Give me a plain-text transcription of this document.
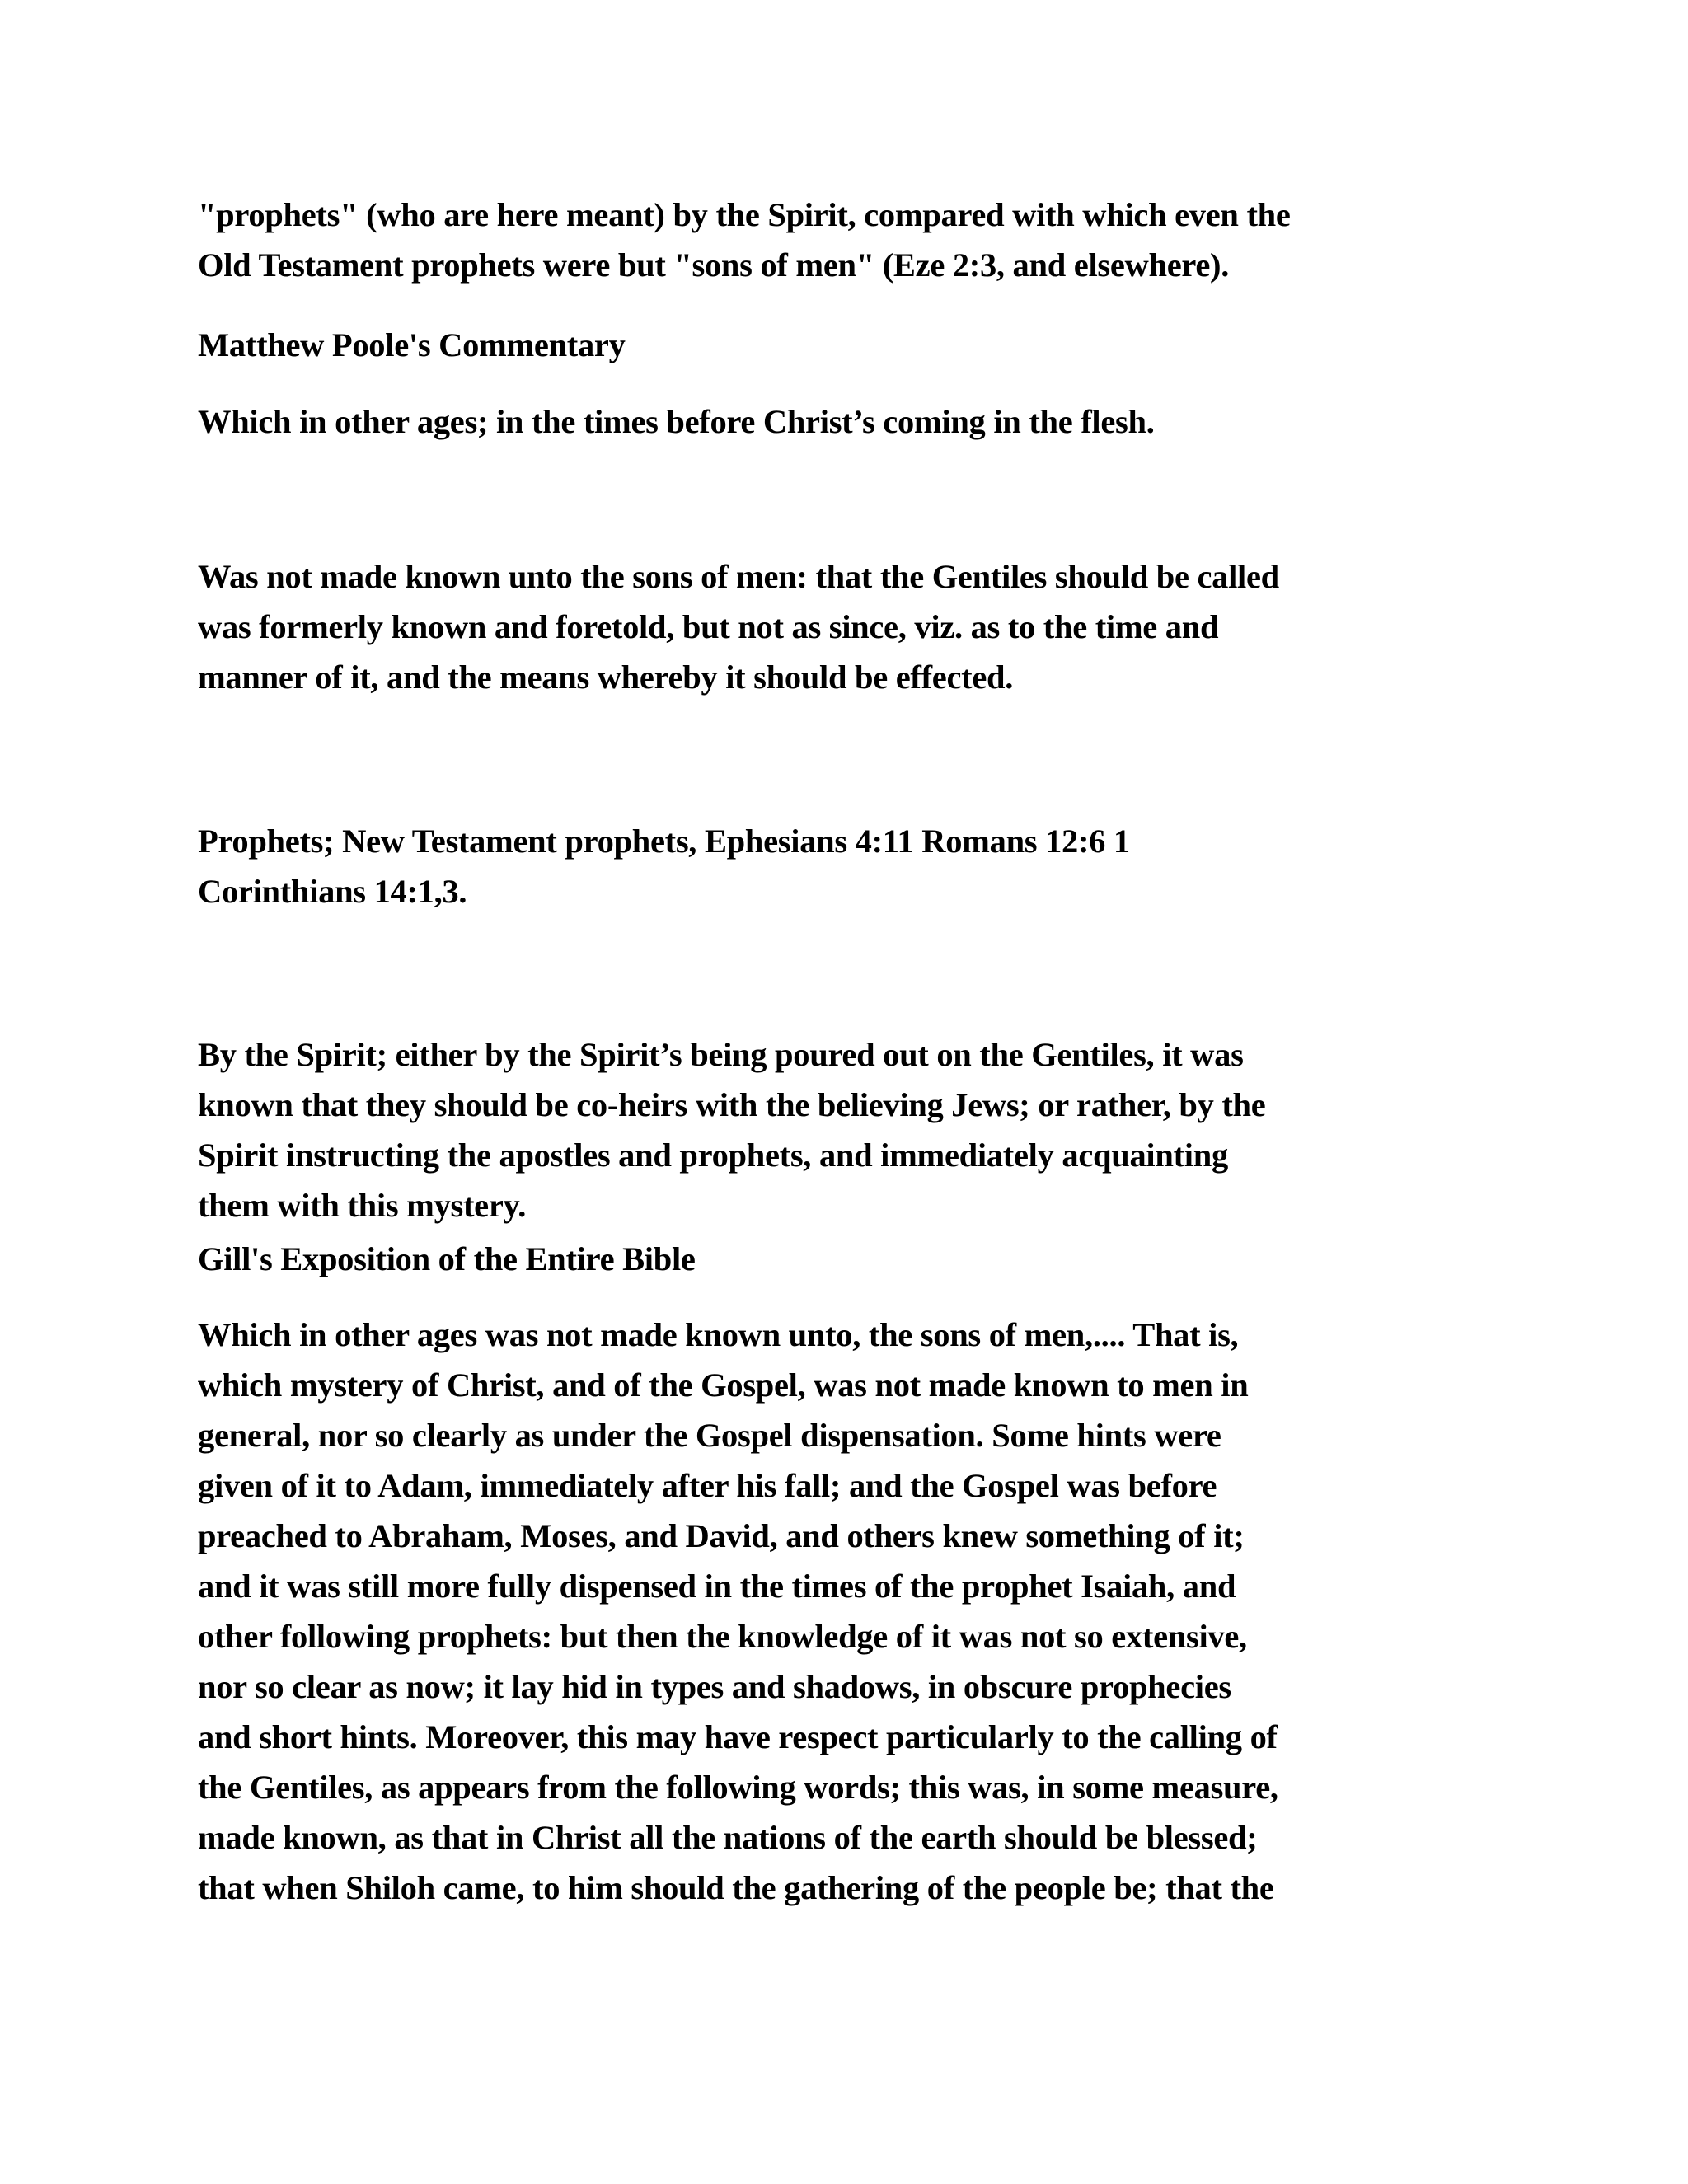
"prophets" (who are here meant) by the Spirit, compared with which even the
Old Testament prophets were but "sons of men" (Eze 2:3, and elsewhere).
Matthew Poole's Commentary
Which in other ages; in the times before Christ’s coming in the flesh.
Was not made known unto the sons of men: that the Gentiles should be called
was formerly known and foretold, but not as since, viz. as to the time and
manner of it, and the means whereby it should be effected.
Prophets; New Testament prophets, Ephesians 4:11 Romans 12:6 1
Corinthians 14:1,3.
By the Spirit; either by the Spirit’s being poured out on the Gentiles, it was
known that they should be co-heirs with the believing Jews; or rather, by the
Spirit instructing the apostles and prophets, and immediately acquainting
them with this mystery.
Gill's Exposition of the Entire Bible
Which in other ages was not made known unto, the sons of men,.... That is,
which mystery of Christ, and of the Gospel, was not made known to men in
general, nor so clearly as under the Gospel dispensation. Some hints were
given of it to Adam, immediately after his fall; and the Gospel was before
preached to Abraham, Moses, and David, and others knew something of it;
and it was still more fully dispensed in the times of the prophet Isaiah, and
other following prophets: but then the knowledge of it was not so extensive,
nor so clear as now; it lay hid in types and shadows, in obscure prophecies
and short hints. Moreover, this may have respect particularly to the calling of
the Gentiles, as appears from the following words; this was, in some measure,
made known, as that in Christ all the nations of the earth should be blessed;
that when Shiloh came, to him should the gathering of the people be; that the
